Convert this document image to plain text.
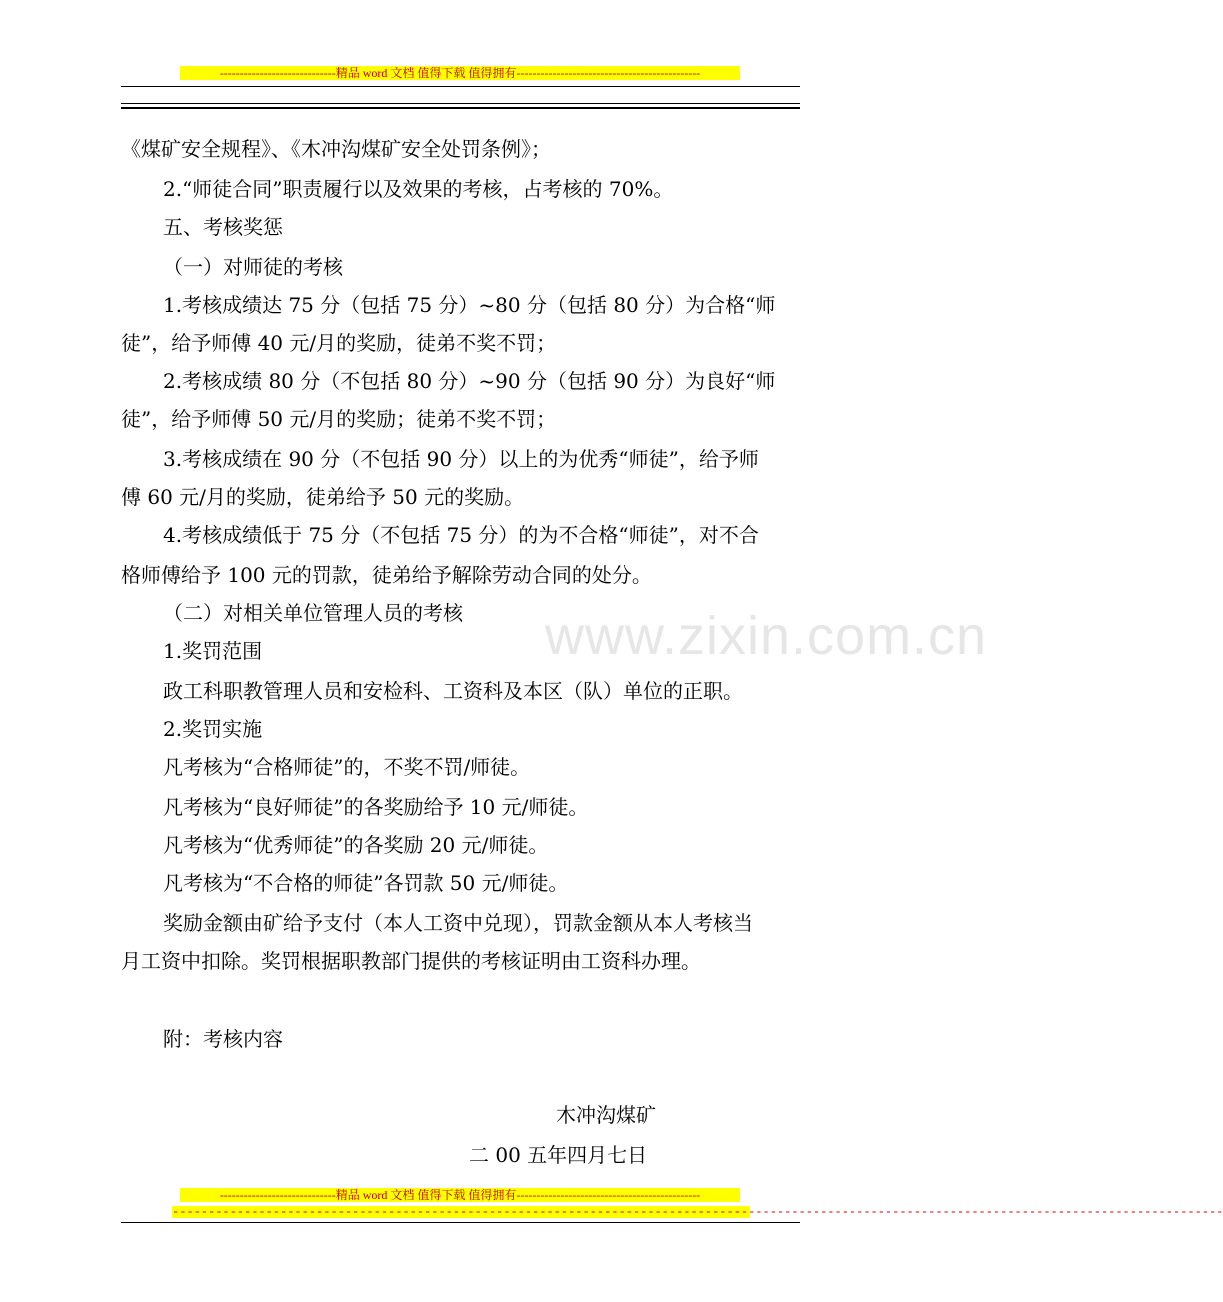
-----------------------------精品 word 文档 值得下载 值得拥有----------------------------------------------
www.zixin.com.cn
《煤矿安全规程》、《木冲沟煤矿安全处罚条例》；
2.“师徒合同”职责履行以及效果的考核，占考核的 70%。
五、考核奖惩
（一）对师徒的考核
1.考核成绩达 75 分（包括 75 分）~80 分（包括 80 分）为合格“师
徒”，给予师傅 40 元/月的奖励，徒弟不奖不罚；
2.考核成绩 80 分（不包括 80 分）~90 分（包括 90 分）为良好“师
徒”，给予师傅 50 元/月的奖励；徒弟不奖不罚；
3.考核成绩在 90 分（不包括 90 分）以上的为优秀“师徒”，给予师
傅 60 元/月的奖励，徒弟给予 50 元的奖励。
4.考核成绩低于 75 分（不包括 75 分）的为不合格“师徒”，对不合
格师傅给予 100 元的罚款，徒弟给予解除劳动合同的处分。
（二）对相关单位管理人员的考核
1.奖罚范围
政工科职教管理人员和安检科、工资科及本区（队）单位的正职。
2.奖罚实施
凡考核为“合格师徒”的，不奖不罚/师徒。
凡考核为“良好师徒”的各奖励给予 10 元/师徒。
凡考核为“优秀师徒”的各奖励 20 元/师徒。
凡考核为“不合格的师徒”各罚款 50 元/师徒。
奖励金额由矿给予支付（本人工资中兑现），罚款金额从本人考核当
月工资中扣除。奖罚根据职教部门提供的考核证明由工资科办理。
附：考核内容
木冲沟煤矿
二 00 五年四月七日
-----------------------------精品 word 文档 值得下载 值得拥有----------------------------------------------
--------------------------------------------------------------------------------------------------------------------------------------------------
